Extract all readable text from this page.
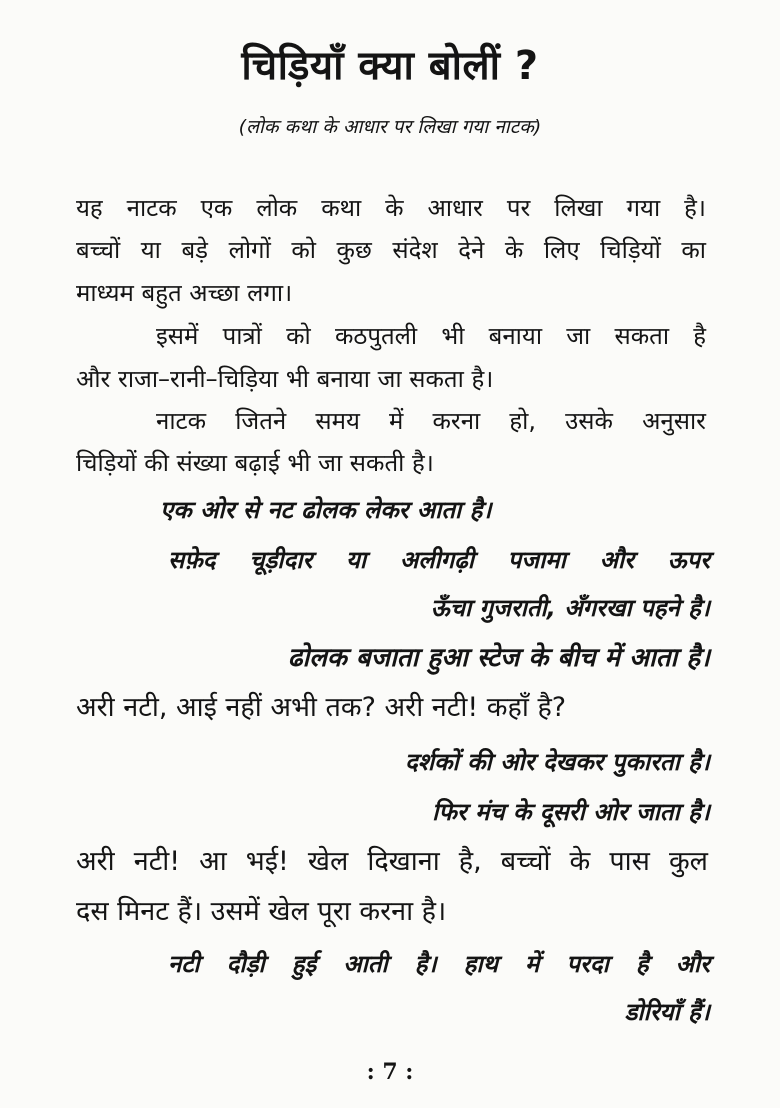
चिड़ियाँ क्या बोलीं ?
(लोक कथा के आधार पर लिखा गया नाटक)
यह नाटक एक लोक कथा के आधार पर लिखा गया है।
बच्चों या बड़े लोगों को कुछ संदेश देने के लिए चिड़ियों का
माध्यम बहुत अच्छा लगा।
इसमें पात्रों को कठपुतली भी बनाया जा सकता है
और राजा–रानी–चिड़िया भी बनाया जा सकता है।
नाटक जितने समय में करना हो, उसके अनुसार
चिड़ियों की संख्या बढ़ाई भी जा सकती है।
एक ओर से नट ढोलक लेकर आता है।
सफ़ेद चूड़ीदार या अलीगढ़ी पजामा और ऊपर
ऊँचा गुजराती, अँगरखा पहने है।
ढोलक बजाता हुआ स्टेज के बीच में आता है।
अरी नटी, आई नहीं अभी तक? अरी नटी! कहाँ है?
दर्शकों की ओर देखकर पुकारता है।
फिर मंच के दूसरी ओर जाता है।
अरी नटी! आ भई! खेल दिखाना है, बच्चों के पास कुल
दस मिनट हैं। उसमें खेल पूरा करना है।
नटी दौड़ी हुई आती है। हाथ में परदा है और
डोरियाँ हैं।
: 7 :
